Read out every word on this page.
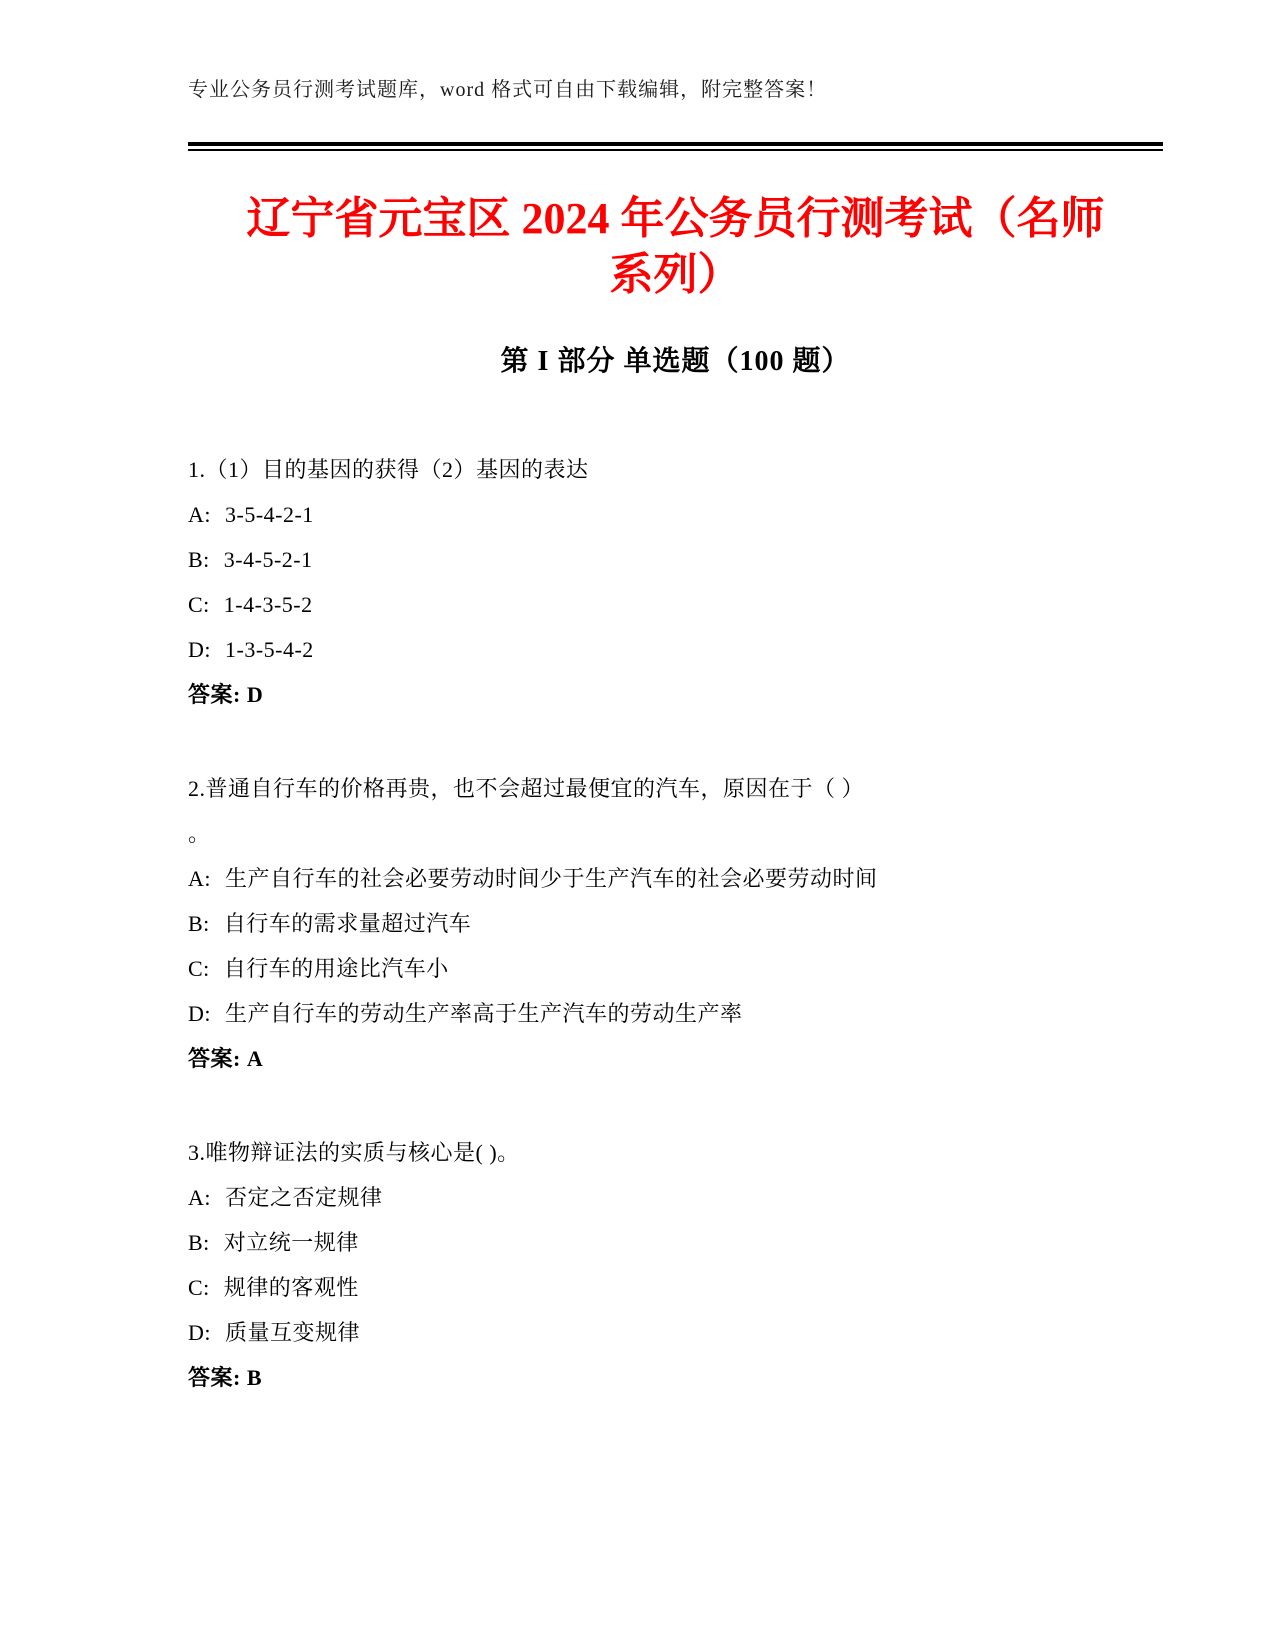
专业公务员行测考试题库，word 格式可自由下载编辑，附完整答案！
辽宁省元宝区 2024 年公务员行测考试（名师
系列）
第 I 部分 单选题（100 题）
1.（1）目的基因的获得（2）基因的表达
A: 3-5-4-2-1
B: 3-4-5-2-1
C: 1-4-3-5-2
D: 1-3-5-4-2
答案: D
2.普通自行车的价格再贵，也不会超过最便宜的汽车，原因在于（ ）
。
A: 生产自行车的社会必要劳动时间少于生产汽车的社会必要劳动时间
B: 自行车的需求量超过汽车
C: 自行车的用途比汽车小
D: 生产自行车的劳动生产率高于生产汽车的劳动生产率
答案: A
3.唯物辩证法的实质与核心是( )。
A: 否定之否定规律
B: 对立统一规律
C: 规律的客观性
D: 质量互变规律
答案: B
